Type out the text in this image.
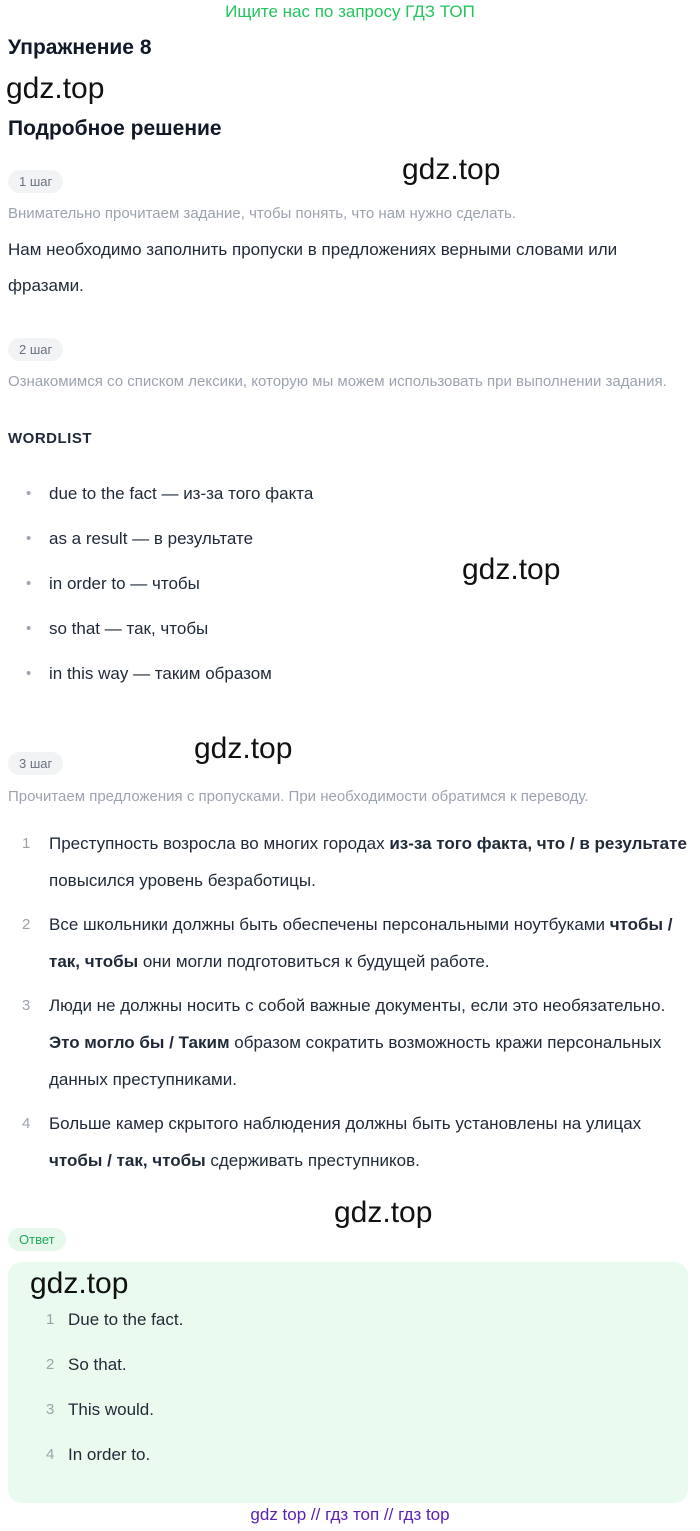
Ищите нас по запросу ГДЗ ТОП
Упражнение 8
gdz.top
Подробное решение
gdz.top
1 шаг
Внимательно прочитаем задание, чтобы понять, что нам нужно сделать.
Нам необходимо заполнить пропуски в предложениях верными словами или фразами.
2 шаг
Ознакомимся со списком лексики, которую мы можем использовать при выполнении задания.
WORDLIST
• due to the fact — из-за того факта
• as a result — в результате
• in order to — чтобы
• so that — так, чтобы
• in this way — таким образом
gdz.top
gdz.top
3 шаг
Прочитаем предложения с пропусками. При необходимости обратимся к переводу.
1 Преступность возросла во многих городах из-за того факта, что / в результате повысился уровень безработицы.
2 Все школьники должны быть обеспечены персональными ноутбуками чтобы / так, чтобы они могли подготовиться к будущей работе.
3 Люди не должны носить с собой важные документы, если это необязательно. Это могло бы / Таким образом сократить возможность кражи персональных данных преступниками.
4 Больше камер скрытого наблюдения должны быть установлены на улицах чтобы / так, чтобы сдерживать преступников.
gdz.top
Ответ
gdz.top
1 Due to the fact.
2 So that.
3 This would.
4 In order to.
gdz top // гдз топ // гдз top
